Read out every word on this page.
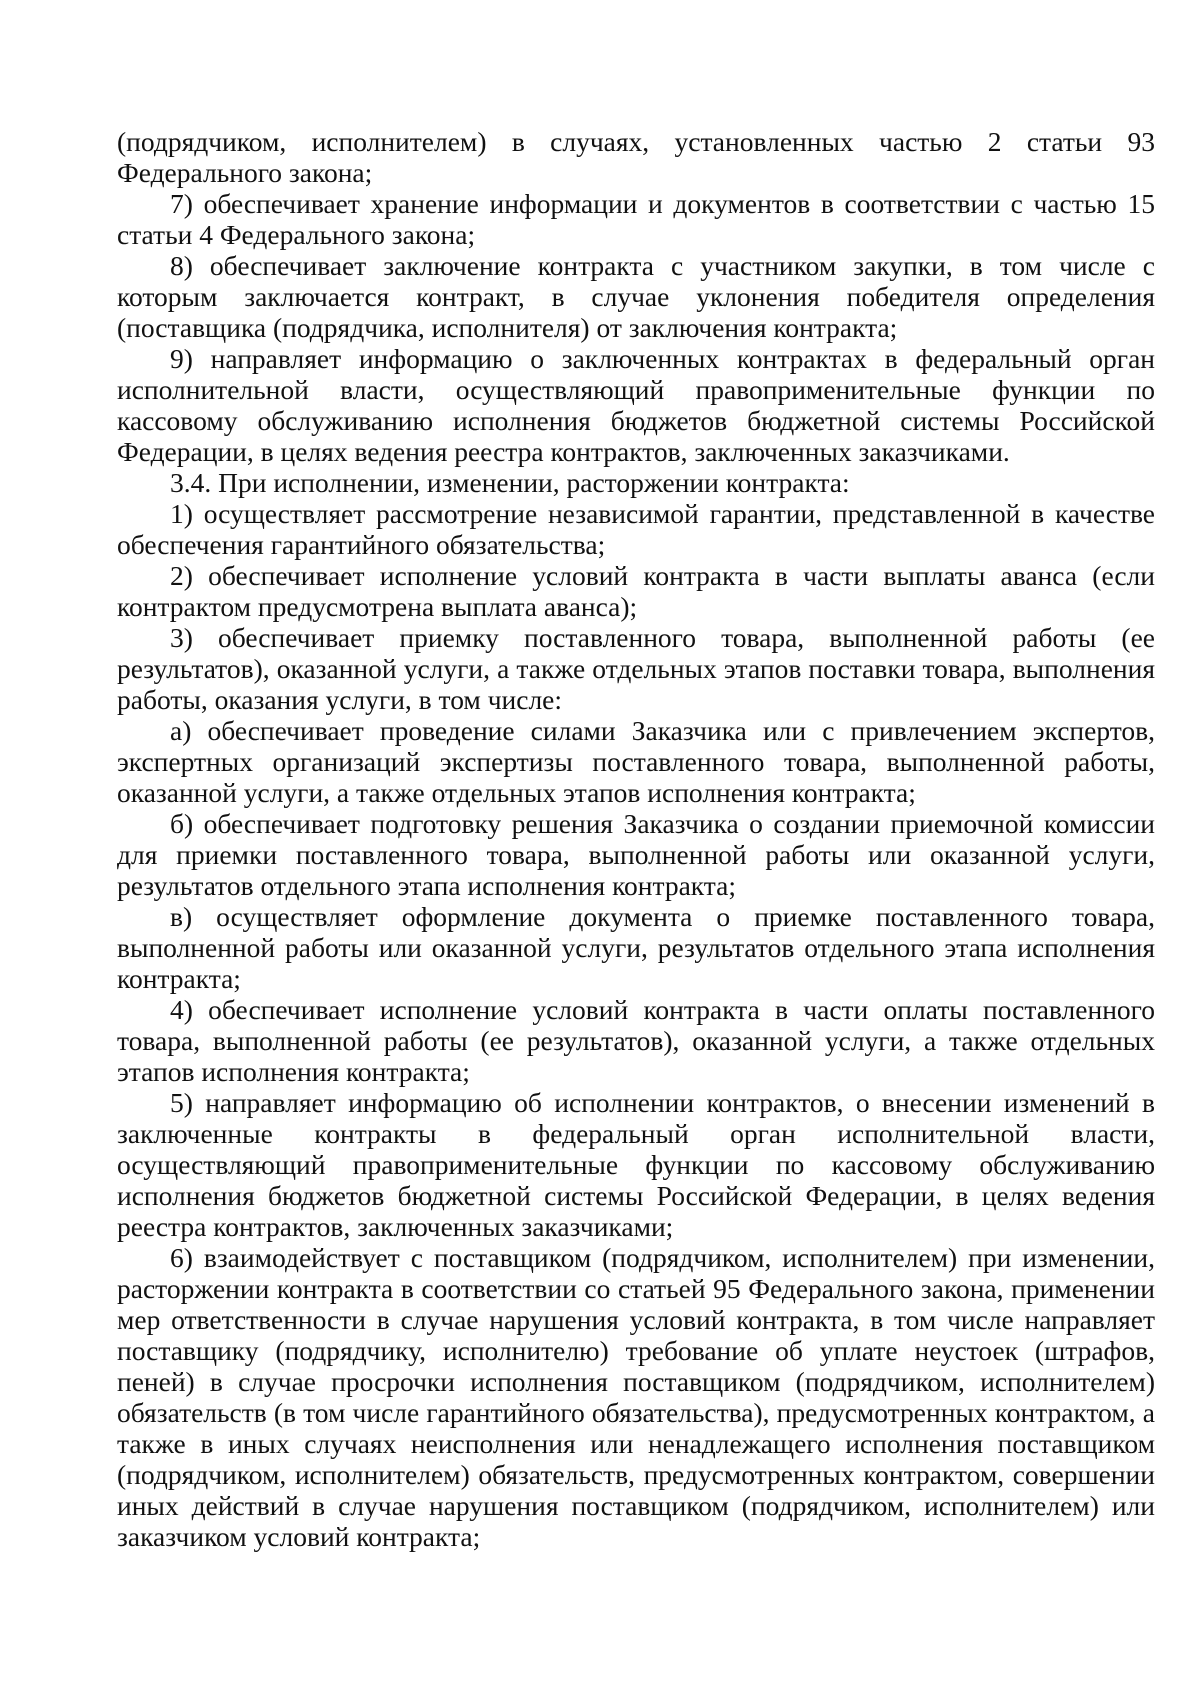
(подрядчиком, исполнителем) в случаях, установленных частью 2 статьи 93 Федерального закона;

7) обеспечивает хранение информации и документов в соответствии с частью 15 статьи 4 Федерального закона;

8) обеспечивает заключение контракта с участником закупки, в том числе с которым заключается контракт, в случае уклонения победителя определения (поставщика (подрядчика, исполнителя) от заключения контракта;

9) направляет информацию о заключенных контрактах в федеральный орган исполнительной власти, осуществляющий правоприменительные функции по кассовому обслуживанию исполнения бюджетов бюджетной системы Российской Федерации, в целях ведения реестра контрактов, заключенных заказчиками.

3.4. При исполнении, изменении, расторжении контракта:

1) осуществляет рассмотрение независимой гарантии, представленной в качестве обеспечения гарантийного обязательства;

2) обеспечивает исполнение условий контракта в части выплаты аванса (если контрактом предусмотрена выплата аванса);

3) обеспечивает приемку поставленного товара, выполненной работы (ее результатов), оказанной услуги, а также отдельных этапов поставки товара, выполнения работы, оказания услуги, в том числе:

а) обеспечивает проведение силами Заказчика или с привлечением экспертов, экспертных организаций экспертизы поставленного товара, выполненной работы, оказанной услуги, а также отдельных этапов исполнения контракта;

б) обеспечивает подготовку решения Заказчика о создании приемочной комиссии для приемки поставленного товара, выполненной работы или оказанной услуги, результатов отдельного этапа исполнения контракта;

в) осуществляет оформление документа о приемке поставленного товара, выполненной работы или оказанной услуги, результатов отдельного этапа исполнения контракта;

4) обеспечивает исполнение условий контракта в части оплаты поставленного товара, выполненной работы (ее результатов), оказанной услуги, а также отдельных этапов исполнения контракта;

5) направляет информацию об исполнении контрактов, о внесении изменений в заключенные контракты в федеральный орган исполнительной власти, осуществляющий правоприменительные функции по кассовому обслуживанию исполнения бюджетов бюджетной системы Российской Федерации, в целях ведения реестра контрактов, заключенных заказчиками;

6) взаимодействует с поставщиком (подрядчиком, исполнителем) при изменении, расторжении контракта в соответствии со статьей 95 Федерального закона, применении мер ответственности в случае нарушения условий контракта, в том числе направляет поставщику (подрядчику, исполнителю) требование об уплате неустоек (штрафов, пеней) в случае просрочки исполнения поставщиком (подрядчиком, исполнителем) обязательств (в том числе гарантийного обязательства), предусмотренных контрактом, а также в иных случаях неисполнения или ненадлежащего исполнения поставщиком (подрядчиком, исполнителем) обязательств, предусмотренных контрактом, совершении иных действий в случае нарушения поставщиком (подрядчиком, исполнителем) или заказчиком условий контракта;
